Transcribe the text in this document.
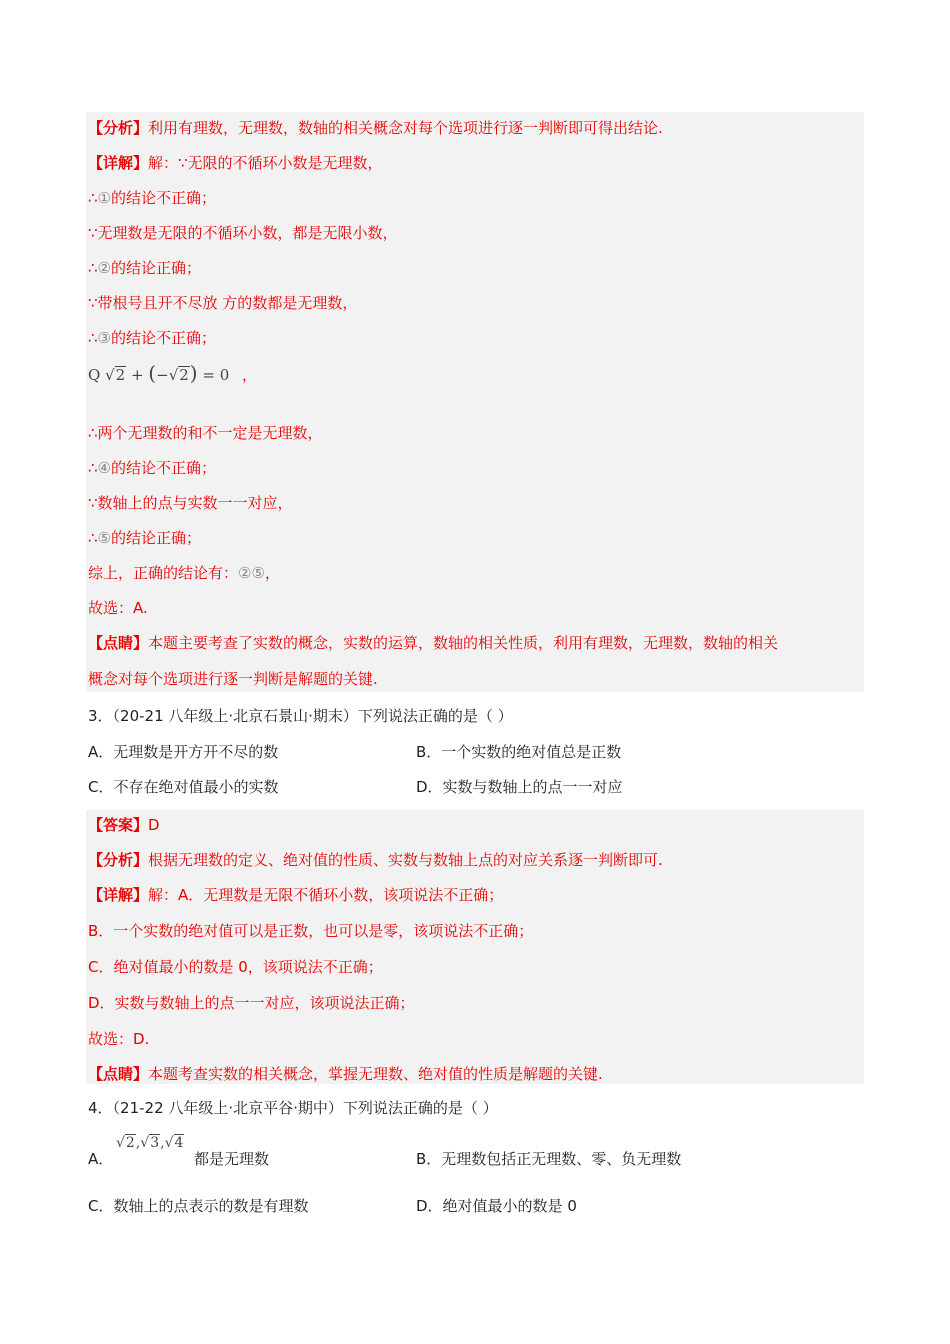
【分析】利用有理数，无理数，数轴的相关概念对每个选项进行逐一判断即可得出结论.
【详解】解：∵无限的不循环小数是无理数，
∴①的结论不正确；
∵无理数是无限的不循环小数，都是无限小数，
∴②的结论正确；
∵带根号且开不尽放 方的数都是无理数，
∴③的结论不正确；
Q √2 + (−√2) = 0 ，
∴两个无理数的和不一定是无理数，
∴④的结论不正确；
∵数轴上的点与实数一一对应，
∴⑤的结论正确；
综上，正确的结论有：②⑤，
故选：A.
【点睛】本题主要考查了实数的概念，实数的运算，数轴的相关性质，利用有理数，无理数，数轴的相关
概念对每个选项进行逐一判断是解题的关键.
3．（20-21 八年级上·北京石景山·期末）下列说法正确的是（ ）
A．无理数是开方开不尽的数	B．一个实数的绝对值总是正数
C．不存在绝对值最小的实数	D．实数与数轴上的点一一对应
【答案】D
【分析】根据无理数的定义、绝对值的性质、实数与数轴上点的对应关系逐一判断即可.
【详解】解：A．无理数是无限不循环小数，该项说法不正确；
B．一个实数的绝对值可以是正数，也可以是零，该项说法不正确；
C．绝对值最小的数是 0，该项说法不正确；
D．实数与数轴上的点一一对应，该项说法正确；
故选：D.
【点睛】本题考查实数的相关概念，掌握无理数、绝对值的性质是解题的关键.
4．（21-22 八年级上·北京平谷·期中）下列说法正确的是（ ）
A．
√2,√3,√4
都是无理数	B．无理数包括正无理数、零、负无理数
C．数轴上的点表示的数是有理数	D．绝对值最小的数是 0
